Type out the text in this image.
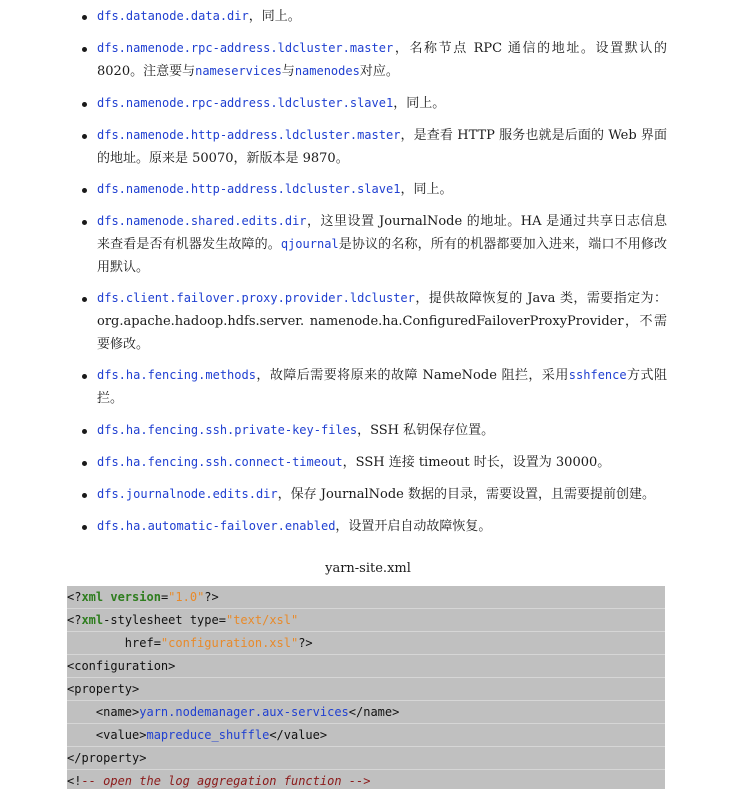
dfs.datanode.data.dir，同上。
dfs.namenode.rpc-address.ldcluster.master，名称节点 RPC 通信的地址。设置默认的 8020。注意要与nameservices与namenodes对应。
dfs.namenode.rpc-address.ldcluster.slave1，同上。
dfs.namenode.http-address.ldcluster.master，是查看 HTTP 服务也就是后面的 Web 界面的地址。原来是 50070，新版本是 9870。
dfs.namenode.http-address.ldcluster.slave1，同上。
dfs.namenode.shared.edits.dir，这里设置 JournalNode 的地址。HA 是通过共享日志信息来查看是否有机器发生故障的。qjournal是协议的名称，所有的机器都要加入进来，端口不用修改用默认。
dfs.client.failover.proxy.provider.ldcluster，提供故障恢复的 Java 类，需要指定为：org.apache.hadoop.hdfs.server. namenode.ha.ConfiguredFailoverProxyProvider，不需要修改。
dfs.ha.fencing.methods，故障后需要将原来的故障 NameNode 阻拦，采用sshfence方式阻拦。
dfs.ha.fencing.ssh.private-key-files，SSH 私钥保存位置。
dfs.ha.fencing.ssh.connect-timeout，SSH 连接 timeout 时长，设置为 30000。
dfs.journalnode.edits.dir，保存 JournalNode 数据的目录，需要设置，且需要提前创建。
dfs.ha.automatic-failover.enabled，设置开启自动故障恢复。
yarn-site.xml
<?xml version="1.0"?>
<?xml-stylesheet type="text/xsl"
href="configuration.xsl"?>
<configuration>
<property>
<name>yarn.nodemanager.aux-services</name>
<value>mapreduce_shuffle</value>
</property>
<!-- open the log aggregation function -->
